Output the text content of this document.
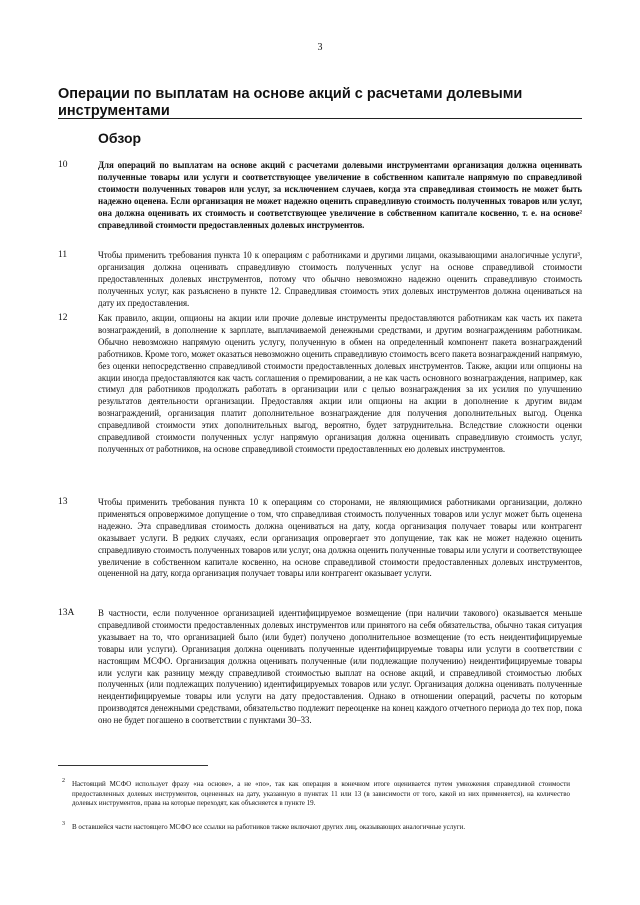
3
Операции по выплатам на основе акций с расчетами долевыми инструментами
Обзор
10	Для операций по выплатам на основе акций с расчетами долевыми инструментами организация должна оценивать полученные товары или услуги и соответствующее увеличение в собственном капитале напрямую по справедливой стоимости полученных товаров или услуг, за исключением случаев, когда эта справедливая стоимость не может быть надежно оценена. Если организация не может надежно оценить справедливую стоимость полученных товаров или услуг, она должна оценивать их стоимость и соответствующее увеличение в собственном капитале косвенно, т. е. на основе² справедливой стоимости предоставленных долевых инструментов.

11	Чтобы применить требования пункта 10 к операциям с работниками и другими лицами, оказывающими аналогичные услуги³, организация должна оценивать справедливую стоимость полученных услуг на основе справедливой стоимости предоставленных долевых инструментов, потому что обычно невозможно надежно оценить справедливую стоимость полученных услуг, как разъяснено в пункте 12. Справедливая стоимость этих долевых инструментов должна оцениваться на дату их предоставления.

12	Как правило, акции, опционы на акции или прочие долевые инструменты предоставляются работникам как часть их пакета вознаграждений, в дополнение к зарплате, выплачиваемой денежными средствами, и другим вознаграждениям работникам. Обычно невозможно напрямую оценить услугу, полученную в обмен на определенный компонент пакета вознаграждений работников. Кроме того, может оказаться невозможно оценить справедливую стоимость всего пакета вознаграждений напрямую, без оценки непосредственно справедливой стоимости предоставленных долевых инструментов. Также, акции или опционы на акции иногда предоставляются как часть соглашения о премировании, а не как часть основного вознаграждения, например, как стимул для работников продолжать работать в организации или с целью вознаграждения за их усилия по улучшению результатов деятельности организации. Предоставляя акции или опционы на акции в дополнение к другим видам вознаграждений, организация платит дополнительное вознаграждение для получения дополнительных выгод. Оценка справедливой стоимости этих дополнительных выгод, вероятно, будет затруднительна. Вследствие сложности оценки справедливой стоимости полученных услуг напрямую организация должна оценивать справедливую стоимость услуг, полученных от работников, на основе справедливой стоимости предоставленных ею долевых инструментов.

13	Чтобы применить требования пункта 10 к операциям со сторонами, не являющимися работниками организации, должно применяться опровержимое допущение о том, что справедливая стоимость полученных товаров или услуг может быть оценена надежно. Эта справедливая стоимость должна оцениваться на дату, когда организация получает товары или контрагент оказывает услуги. В редких случаях, если организация опровергает это допущение, так как не может надежно оценить справедливую стоимость полученных товаров или услуг, она должна оценить полученные товары или услуги и соответствующее увеличение в собственном капитале косвенно, на основе справедливой стоимости предоставленных долевых инструментов, оцененной на дату, когда организация получает товары или контрагент оказывает услуги.

13А	В частности, если полученное организацией идентифицируемое возмещение (при наличии такового) оказывается меньше справедливой стоимости предоставленных долевых инструментов или принятого на себя обязательства, обычно такая ситуация указывает на то, что организацией было (или будет) получено дополнительное возмещение (то есть неидентифицируемые товары или услуги). Организация должна оценивать полученные идентифицируемые товары или услуги в соответствии с настоящим МСФО. Организация должна оценивать полученные (или подлежащие получению) неидентифицируемые товары или услуги как разницу между справедливой стоимостью выплат на основе акций, и справедливой стоимостью любых полученных (или подлежащих получению) идентифицируемых товаров или услуг. Организация должна оценивать полученные неидентифицируемые товары или услуги на дату предоставления. Однако в отношении операций, расчеты по которым производятся денежными средствами, обязательство подлежит переоценке на конец каждого отчетного периода до тех пор, пока оно не будет погашено в соответствии с пунктами 30–33.

2 Настоящий МСФО использует фразу «на основе», а не «по», так как операция в конечном итоге оценивается путем умножения справедливой стоимости предоставленных долевых инструментов, оцененных на дату, указанную в пунктах 11 или 13 (в зависимости от того, какой из них применяется), на количество долевых инструментов, права на которые переходят, как объясняется в пункте 19.

3 В оставшейся части настоящего МСФО все ссылки на работников также включают других лиц, оказывающих аналогичные услуги.
